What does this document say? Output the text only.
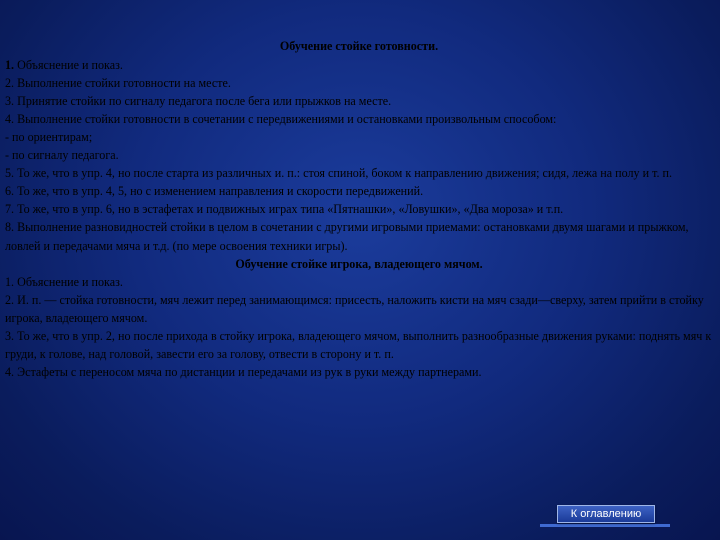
Обучение стойке готовности.

1. Объяснение и показ.

2. Выполнение стойки готовности на месте.

3. Принятие стойки по сигналу педагога после бега или прыжков на месте.

4. Выполнение стойки готовности в сочетании с передвижениями и остановками произвольным способом:

- по ориентирам;

- по сигналу педагога.

5. То же, что в упр. 4, но после старта из различных и. п.: стоя спиной, боком к направлению движения; сидя, лежа на полу и т. п.

6. То же, что в упр. 4, 5, но с изменением направления и скорости передвижений.

7. То же, что в упр. 6, но в эстафетах и подвижных играх типа «Пятнашки», «Ловушки», «Два мороза» и т.п.

8. Выполнение разновидностей стойки в целом в сочетании с другими игровыми приемами: остановками двумя шагами и прыжком, ловлей и передачами мяча и т.д. (по мере освоения техники игры).

Обучение стойке игрока, владеющего мячом.

1. Объяснение и показ.

2. И. п. — стойка готовности, мяч лежит перед занимающимся: присесть, наложить кисти на мяч сзади—сверху, затем прийти в стойку игрока, владеющего мячом.

3. То же, что в упр. 2, но после прихода в стойку игрока, владеющего мячом, выполнить разнообразные движения руками: поднять мяч к груди, к голове, над головой, завести его за голову, отвести в сторону и т. п.

4. Эстафеты с переносом мяча по дистанции и передачами из рук в руки между партнерами.

К оглавлению
